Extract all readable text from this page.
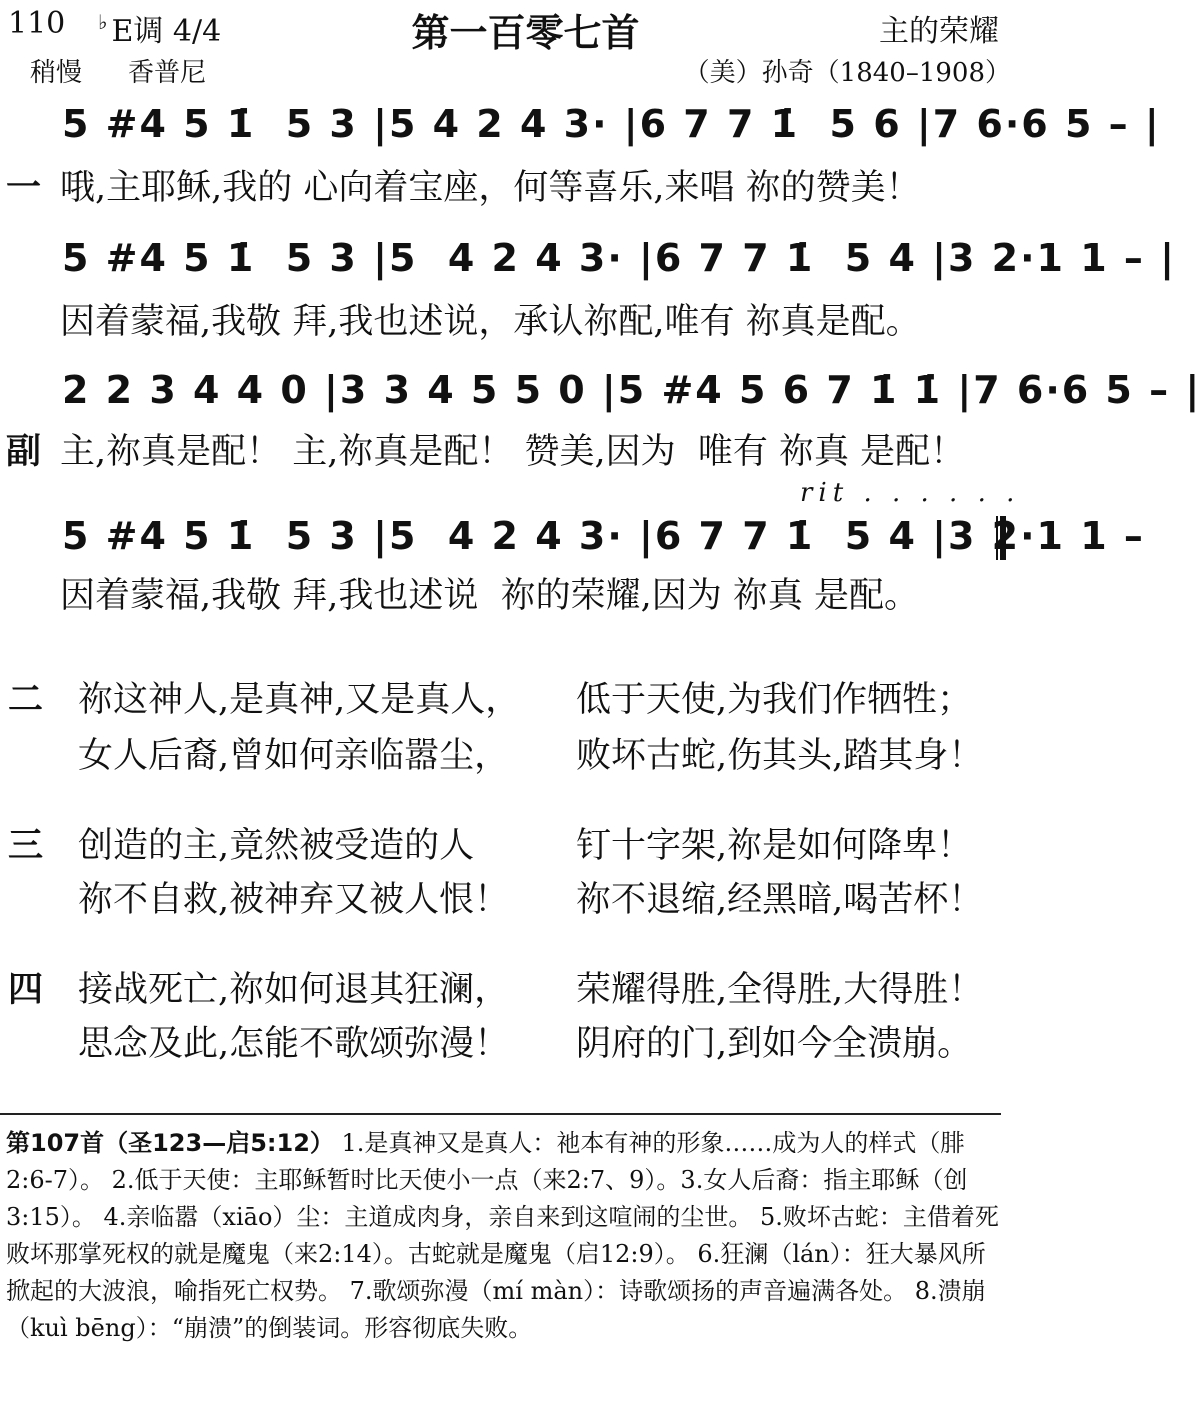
110 ♭ E调 4/4	第一百零七首	主的荣耀
稍慢 香普尼	（美）孙奇（1840–1908）
5 #4 5 1̇  5 3 |5 4 2 4 3· |6 7 7 1̇  5 6 |7 6·6 5 – |
一 哦,主耶稣,我的 心向着宝座，何等喜乐,来唱 祢的赞美！
5 #4 5 1̇  5 3 |5  4 2 4 3· |6 7 7 1̇  5 4 |3 2·1 1 – |
因着蒙福,我敬 拜,我也述说，承认祢配,唯有 祢真是配。
2 2 3 4 4 0 |3 3 4 5 5 0 |5 #4 5 6 7 1̇ 1̇ |7 6·6 5 – |
副 主,祢真是配！ 主,祢真是配！ 赞美,因为  唯有 祢真 是配！
rit . . . . . .
5 #4 5 1̇  5 3 |5  4 2 4 3· |6 7 7 1̇  5 4 |3 2·1 1 –
因着蒙福,我敬 拜,我也述说  祢的荣耀,因为 祢真 是配。
二 祢这神人,是真神,又是真人， 低于天使,为我们作牺牲；
女人后裔,曾如何亲临嚣尘， 败坏古蛇,伤其头,踏其身！
三 创造的主,竟然被受造的人	钉十字架,祢是如何降卑！
祢不自救,被神弃又被人恨！ 祢不退缩,经黑暗,喝苦杯！
四 接战死亡,祢如何退其狂澜， 荣耀得胜,全得胜,大得胜！
思念及此,怎能不歌颂弥漫！ 阴府的门,到如今全溃崩。
第107首（圣123—启5:12） 1.是真神又是真人：祂本有神的形象……成为人的样式（腓2:6-7）。 2.低于天使：主耶稣暂时比天使小一点（来2:7、9）。3.女人后裔：指主耶稣（创3:15）。 4.亲临嚣（xiāo）尘：主道成肉身，亲自来到这喧闹的尘世。 5.败坏古蛇：主借着死败坏那掌死权的就是魔鬼（来2:14）。古蛇就是魔鬼（启12:9）。 6.狂澜（lán）：狂大暴风所掀起的大波浪，喻指死亡权势。 7.歌颂弥漫（mí màn）：诗歌颂扬的声音遍满各处。 8.溃崩（kuì bēng）：“崩溃”的倒装词。形容彻底失败。
